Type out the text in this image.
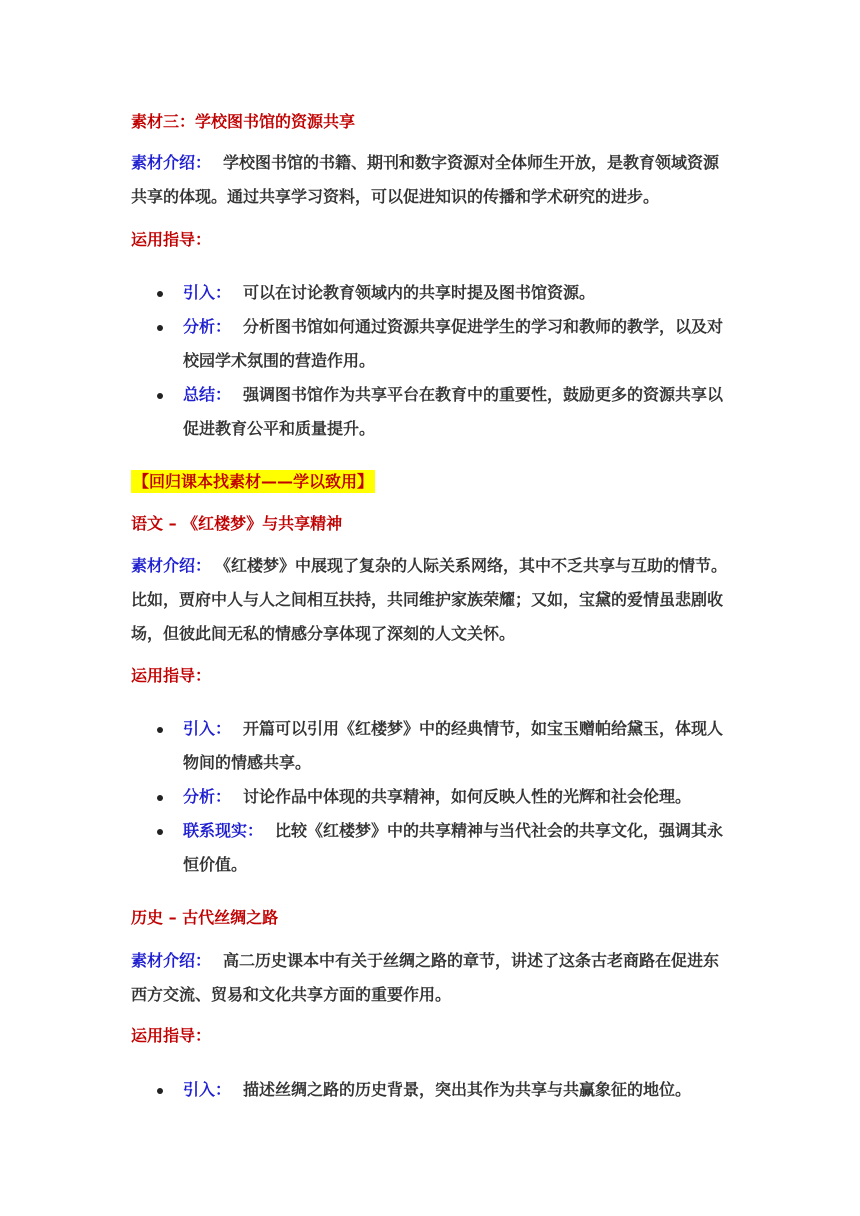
素材三：学校图书馆的资源共享

素材介绍： 学校图书馆的书籍、期刊和数字资源对全体师生开放，是教育领域资源共享的体现。通过共享学习资料，可以促进知识的传播和学术研究的进步。

运用指导：
引入： 可以在讨论教育领域内的共享时提及图书馆资源。
分析： 分析图书馆如何通过资源共享促进学生的学习和教师的教学，以及对校园学术氛围的营造作用。
总结： 强调图书馆作为共享平台在教育中的重要性，鼓励更多的资源共享以促进教育公平和质量提升。
【回归课本找素材——学以致用】
语文 – 《红楼梦》与共享精神

素材介绍： 《红楼梦》中展现了复杂的人际关系网络，其中不乏共享与互助的情节。比如，贾府中人与人之间相互扶持，共同维护家族荣耀；又如，宝黛的爱情虽悲剧收场，但彼此间无私的情感分享体现了深刻的人文关怀。

运用指导：
引入： 开篇可以引用《红楼梦》中的经典情节，如宝玉赠帕给黛玉，体现人物间的情感共享。
分析： 讨论作品中体现的共享精神，如何反映人性的光辉和社会伦理。
联系现实： 比较《红楼梦》中的共享精神与当代社会的共享文化，强调其永恒价值。
历史 – 古代丝绸之路

素材介绍： 高二历史课本中有关于丝绸之路的章节，讲述了这条古老商路在促进东西方交流、贸易和文化共享方面的重要作用。

运用指导：
引入： 描述丝绸之路的历史背景，突出其作为共享与共赢象征的地位。
